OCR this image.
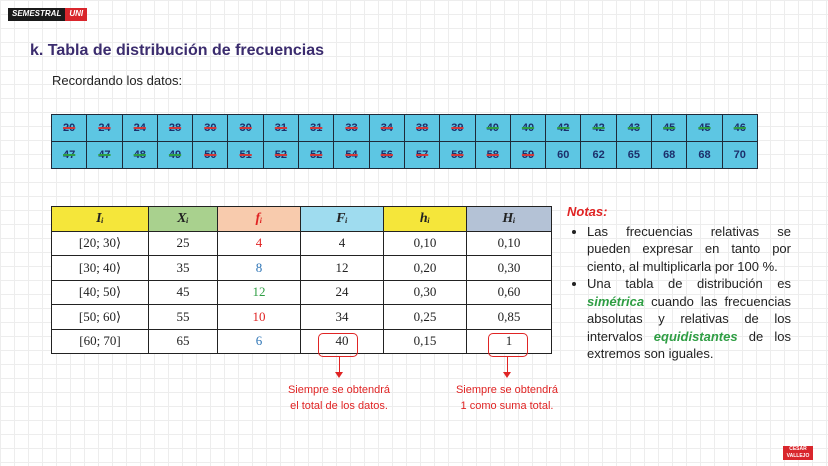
SEMESTRAL	UNI
k. Tabla de distribución de frecuencias
Recordando los datos:
20	24	24	28	30	30	31	31	33	34	38	39	40	40	42	42	43	45	45	46
47	47	48	49	50	51	52	52	54	56	57	58	58	59	60	62	65	68	68	70
Iᵢ	Xᵢ	fᵢ	Fᵢ	hᵢ	Hᵢ
[20; 30⟩	25	4	4	0,10	0,10
[30; 40⟩	35	8	12	0,20	0,30
[40; 50⟩	45	12	24	0,30	0,60
[50; 60⟩	55	10	34	0,25	0,85
[60; 70]	65	6	40	0,15	1
Siempre se obtendrá
el total de los datos.
Siempre se obtendrá
1 como suma total.
Notas:
• Las frecuencias relativas se pueden expresar en tanto por ciento, al multiplicarla por 100 %.
• Una tabla de distribución es simétrica cuando las frecuencias absolutas y relativas de los intervalos equidistantes de los extremos son iguales.
CÉSAR
VALLEJO
